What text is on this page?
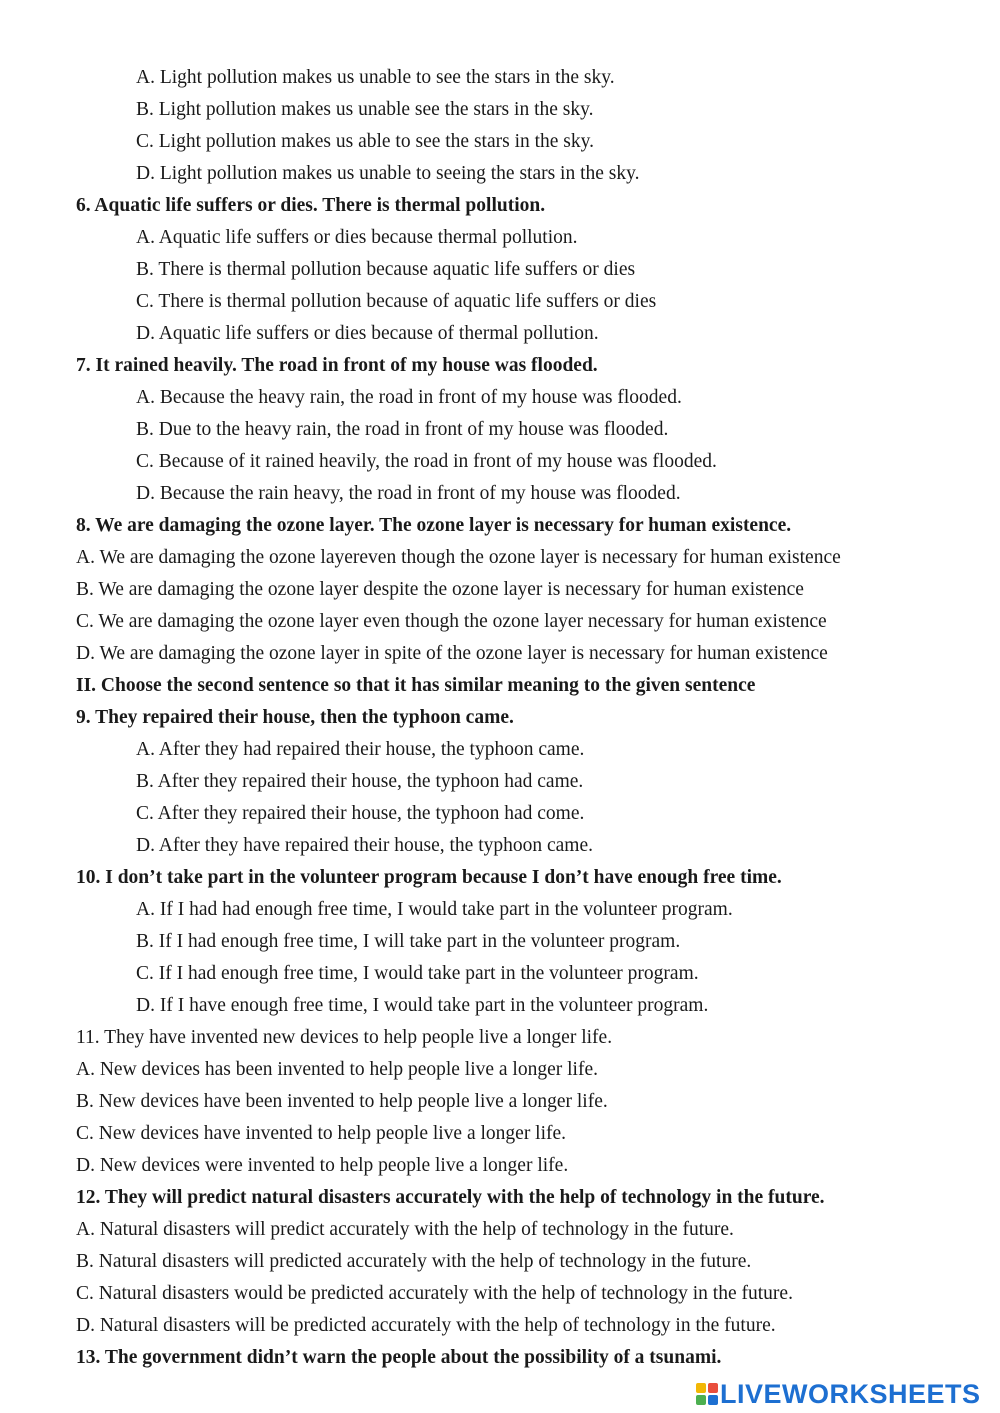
A. Light pollution makes us unable to see the stars in the sky.

B. Light pollution makes us unable see the stars in the sky.

C. Light pollution makes us able to see the stars in the sky.

D. Light pollution makes us unable to seeing the stars in the sky.

6. Aquatic life suffers or dies. There is thermal pollution.

A. Aquatic life suffers or dies because thermal pollution.

B. There is thermal pollution because aquatic life suffers or dies

C. There is thermal pollution because of aquatic life suffers or dies

D. Aquatic life suffers or dies because of thermal pollution.

7. It rained heavily. The road in front of my house was flooded.

A. Because the heavy rain, the road in front of my house was flooded.

B. Due to the heavy rain, the road in front of my house was flooded.

C. Because of it rained heavily, the road in front of my house was flooded.

D. Because the rain heavy, the road in front of my house was flooded.

8. We are damaging the ozone layer. The ozone layer is necessary for human existence.

A. We are damaging the ozone layereven though the ozone layer is necessary for human existence

B. We are damaging the ozone layer despite the ozone layer is necessary for human existence

C. We are damaging the ozone layer even though the ozone layer necessary for human existence

D. We are damaging the ozone layer in spite of the ozone layer is necessary for human existence

II. Choose the second sentence so that it has similar meaning to the given sentence

9. They repaired their house, then the typhoon came.

A. After they had repaired their house, the typhoon came.

B. After they repaired their house, the typhoon had came.

C. After they repaired their house, the typhoon had come.

D. After they have repaired their house, the typhoon came.

10. I don’t take part in the volunteer program because I don’t have enough free time.

A. If I had had enough free time, I would take part in the volunteer program.

B. If I had enough free time, I will take part in the volunteer program.

C. If I had enough free time, I would take part in the volunteer program.

D. If I have enough free time, I would take part in the volunteer program.

11. They have invented new devices to help people live a longer life.

A. New devices has been invented to help people live a longer life.

B. New devices have been invented to help people live a longer life.

C. New devices have invented to help people live a longer life.

D. New devices were invented to help people live a longer life.

12. They will predict natural disasters accurately with the help of technology in the future.

A. Natural disasters will predict accurately with the help of technology in the future.

B. Natural disasters will predicted accurately with the help of technology in the future.

C. Natural disasters would be predicted accurately with the help of technology in the future.

D. Natural disasters will be predicted accurately with the help of technology in the future.

13. The government didn’t warn the people about the possibility of a tsunami.

LIVEWORKSHEETS
